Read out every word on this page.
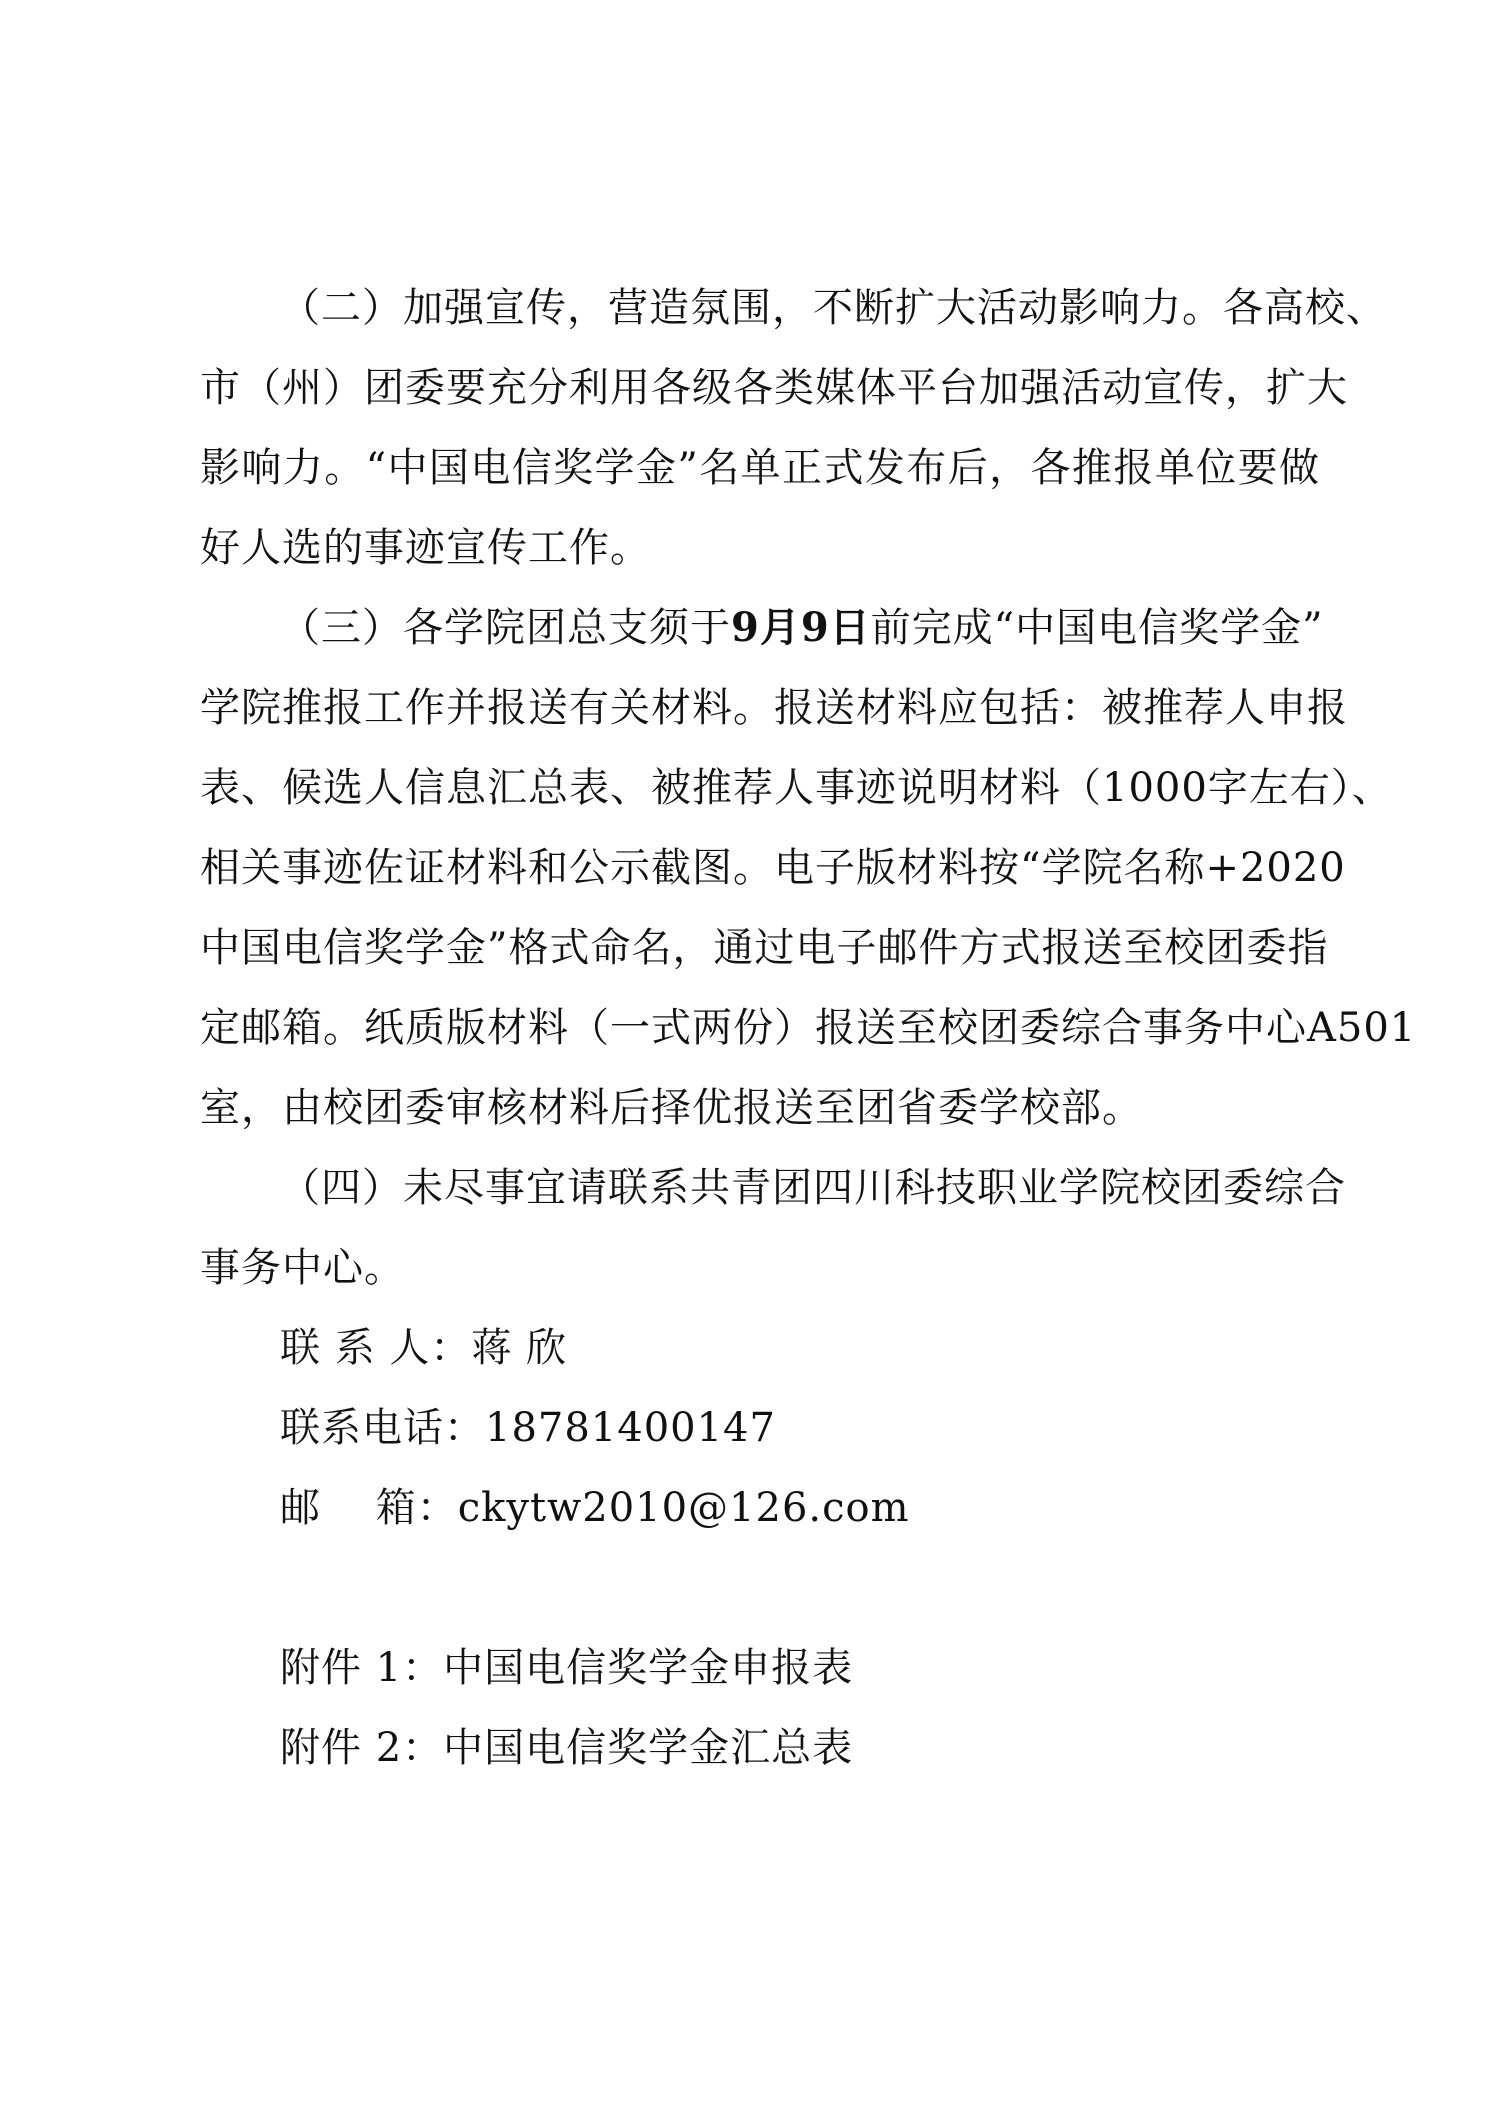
（二）加强宣传，营造氛围，不断扩大活动影响力。各高校、
市（州）团委要充分利用各级各类媒体平台加强活动宣传，扩大
影响力。“中国电信奖学金”名单正式发布后，各推报单位要做
好人选的事迹宣传工作。
（三）各学院团总支须于9月9日前完成“中国电信奖学金”
学院推报工作并报送有关材料。报送材料应包括：被推荐人申报
表、候选人信息汇总表、被推荐人事迹说明材料（1000字左右）、
相关事迹佐证材料和公示截图。电子版材料按“学院名称+2020
中国电信奖学金”格式命名，通过电子邮件方式报送至校团委指
定邮箱。纸质版材料（一式两份）报送至校团委综合事务中心A501
室，由校团委审核材料后择优报送至团省委学校部。
（四）未尽事宜请联系共青团四川科技职业学院校团委综合
事务中心。
联 系 人：蒋 欣
联系电话：18781400147
邮　 箱：ckytw2010@126.com
附件 1：中国电信奖学金申报表
附件 2：中国电信奖学金汇总表
